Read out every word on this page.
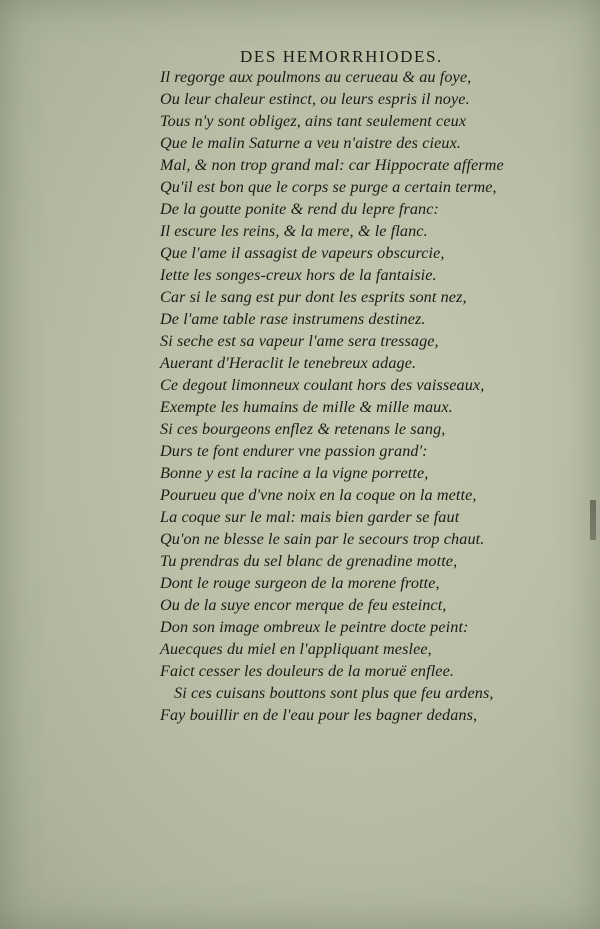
DES HEMORRHIODES.
Il regorge aux poulmons au cerueau & au foye,
Ou leur chaleur estinct, ou leurs espris il noye.
Tous n'y sont obligez, ains tant seulement ceux
Que le malin Saturne a veu n'aistre des cieux.
Mal, & non trop grand mal: car Hippocrate afferme
Qu'il est bon que le corps se purge a certain terme,
De la goutte ponite & rend du lepre franc:
Il escure les reins, & la mere, & le flanc.
Que l'ame il assagist de vapeurs obscurcie,
Iette les songes-creux hors de la fantaisie.
Car si le sang est pur dont les esprits sont nez,
De l'ame table rase instrumens destinez.
Si seche est sa vapeur l'ame sera tressage,
Auerant d'Heraclit le tenebreux adage.
Ce degout limonneux coulant hors des vaisseaux,
Exempte les humains de mille & mille maux.
Si ces bourgeons enflez & retenans le sang,
Durs te font endurer vne passion grand':
Bonne y est la racine a la vigne porrette,
Pourueu que d'vne noix en la coque on la mette,
La coque sur le mal: mais bien garder se faut
Qu'on ne blesse le sain par le secours trop chaut.
Tu prendras du sel blanc de grenadine motte,
Dont le rouge surgeon de la morene frotte,
Ou de la suye encor merque de feu esteinct,
Don son image ombreux le peintre docte peint:
Auecques du miel en l'appliquant meslee,
Faict cesser les douleurs de la moruë enflee.
Si ces cuisans bouttons sont plus que feu ardens,
Fay bouillir en de l'eau pour les bagner dedans,
